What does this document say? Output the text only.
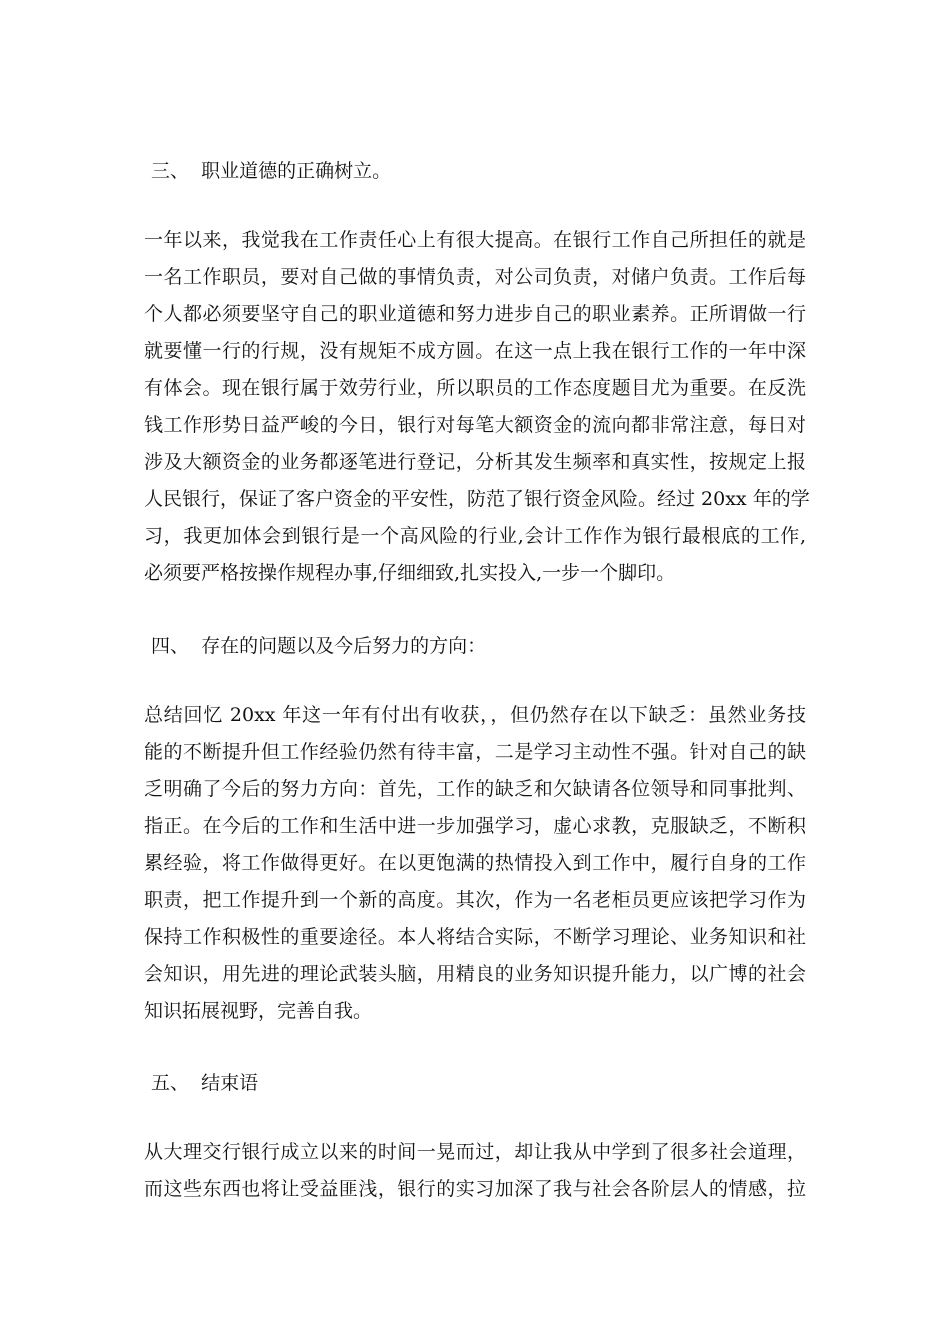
三、  职业道德的正确树立。
一年以来，我觉我在工作责任心上有很大提高。在银行工作自己所担任的就是
一名工作职员，要对自己做的事情负责，对公司负责，对储户负责。工作后每
个人都必须要坚守自己的职业道德和努力进步自己的职业素养。正所谓做一行
就要懂一行的行规，没有规矩不成方圆。在这一点上我在银行工作的一年中深
有体会。现在银行属于效劳行业，所以职员的工作态度题目尤为重要。在反洗
钱工作形势日益严峻的今日，银行对每笔大额资金的流向都非常注意，每日对
涉及大额资金的业务都逐笔进行登记，分析其发生频率和真实性，按规定上报
人民银行，保证了客户资金的平安性，防范了银行资金风险。经过 20xx 年的学
习，我更加体会到银行是一个高风险的行业,会计工作作为银行最根底的工作,
必须要严格按操作规程办事,仔细细致,扎实投入,一步一个脚印。
四、  存在的问题以及今后努力的方向：
总结回忆 20xx 年这一年有付出有收获，，但仍然存在以下缺乏：虽然业务技
能的不断提升但工作经验仍然有待丰富，二是学习主动性不强。针对自己的缺
乏明确了今后的努力方向：首先，工作的缺乏和欠缺请各位领导和同事批判、
指正。在今后的工作和生活中进一步加强学习，虚心求教，克服缺乏，不断积
累经验，将工作做得更好。在以更饱满的热情投入到工作中，履行自身的工作
职责，把工作提升到一个新的高度。其次，作为一名老柜员更应该把学习作为
保持工作积极性的重要途径。本人将结合实际，不断学习理论、业务知识和社
会知识，用先进的理论武装头脑，用精良的业务知识提升能力，以广博的社会
知识拓展视野，完善自我。
五、  结束语
从大理交行银行成立以来的时间一晃而过，却让我从中学到了很多社会道理，
而这些东西也将让受益匪浅，银行的实习加深了我与社会各阶层人的情感，拉
